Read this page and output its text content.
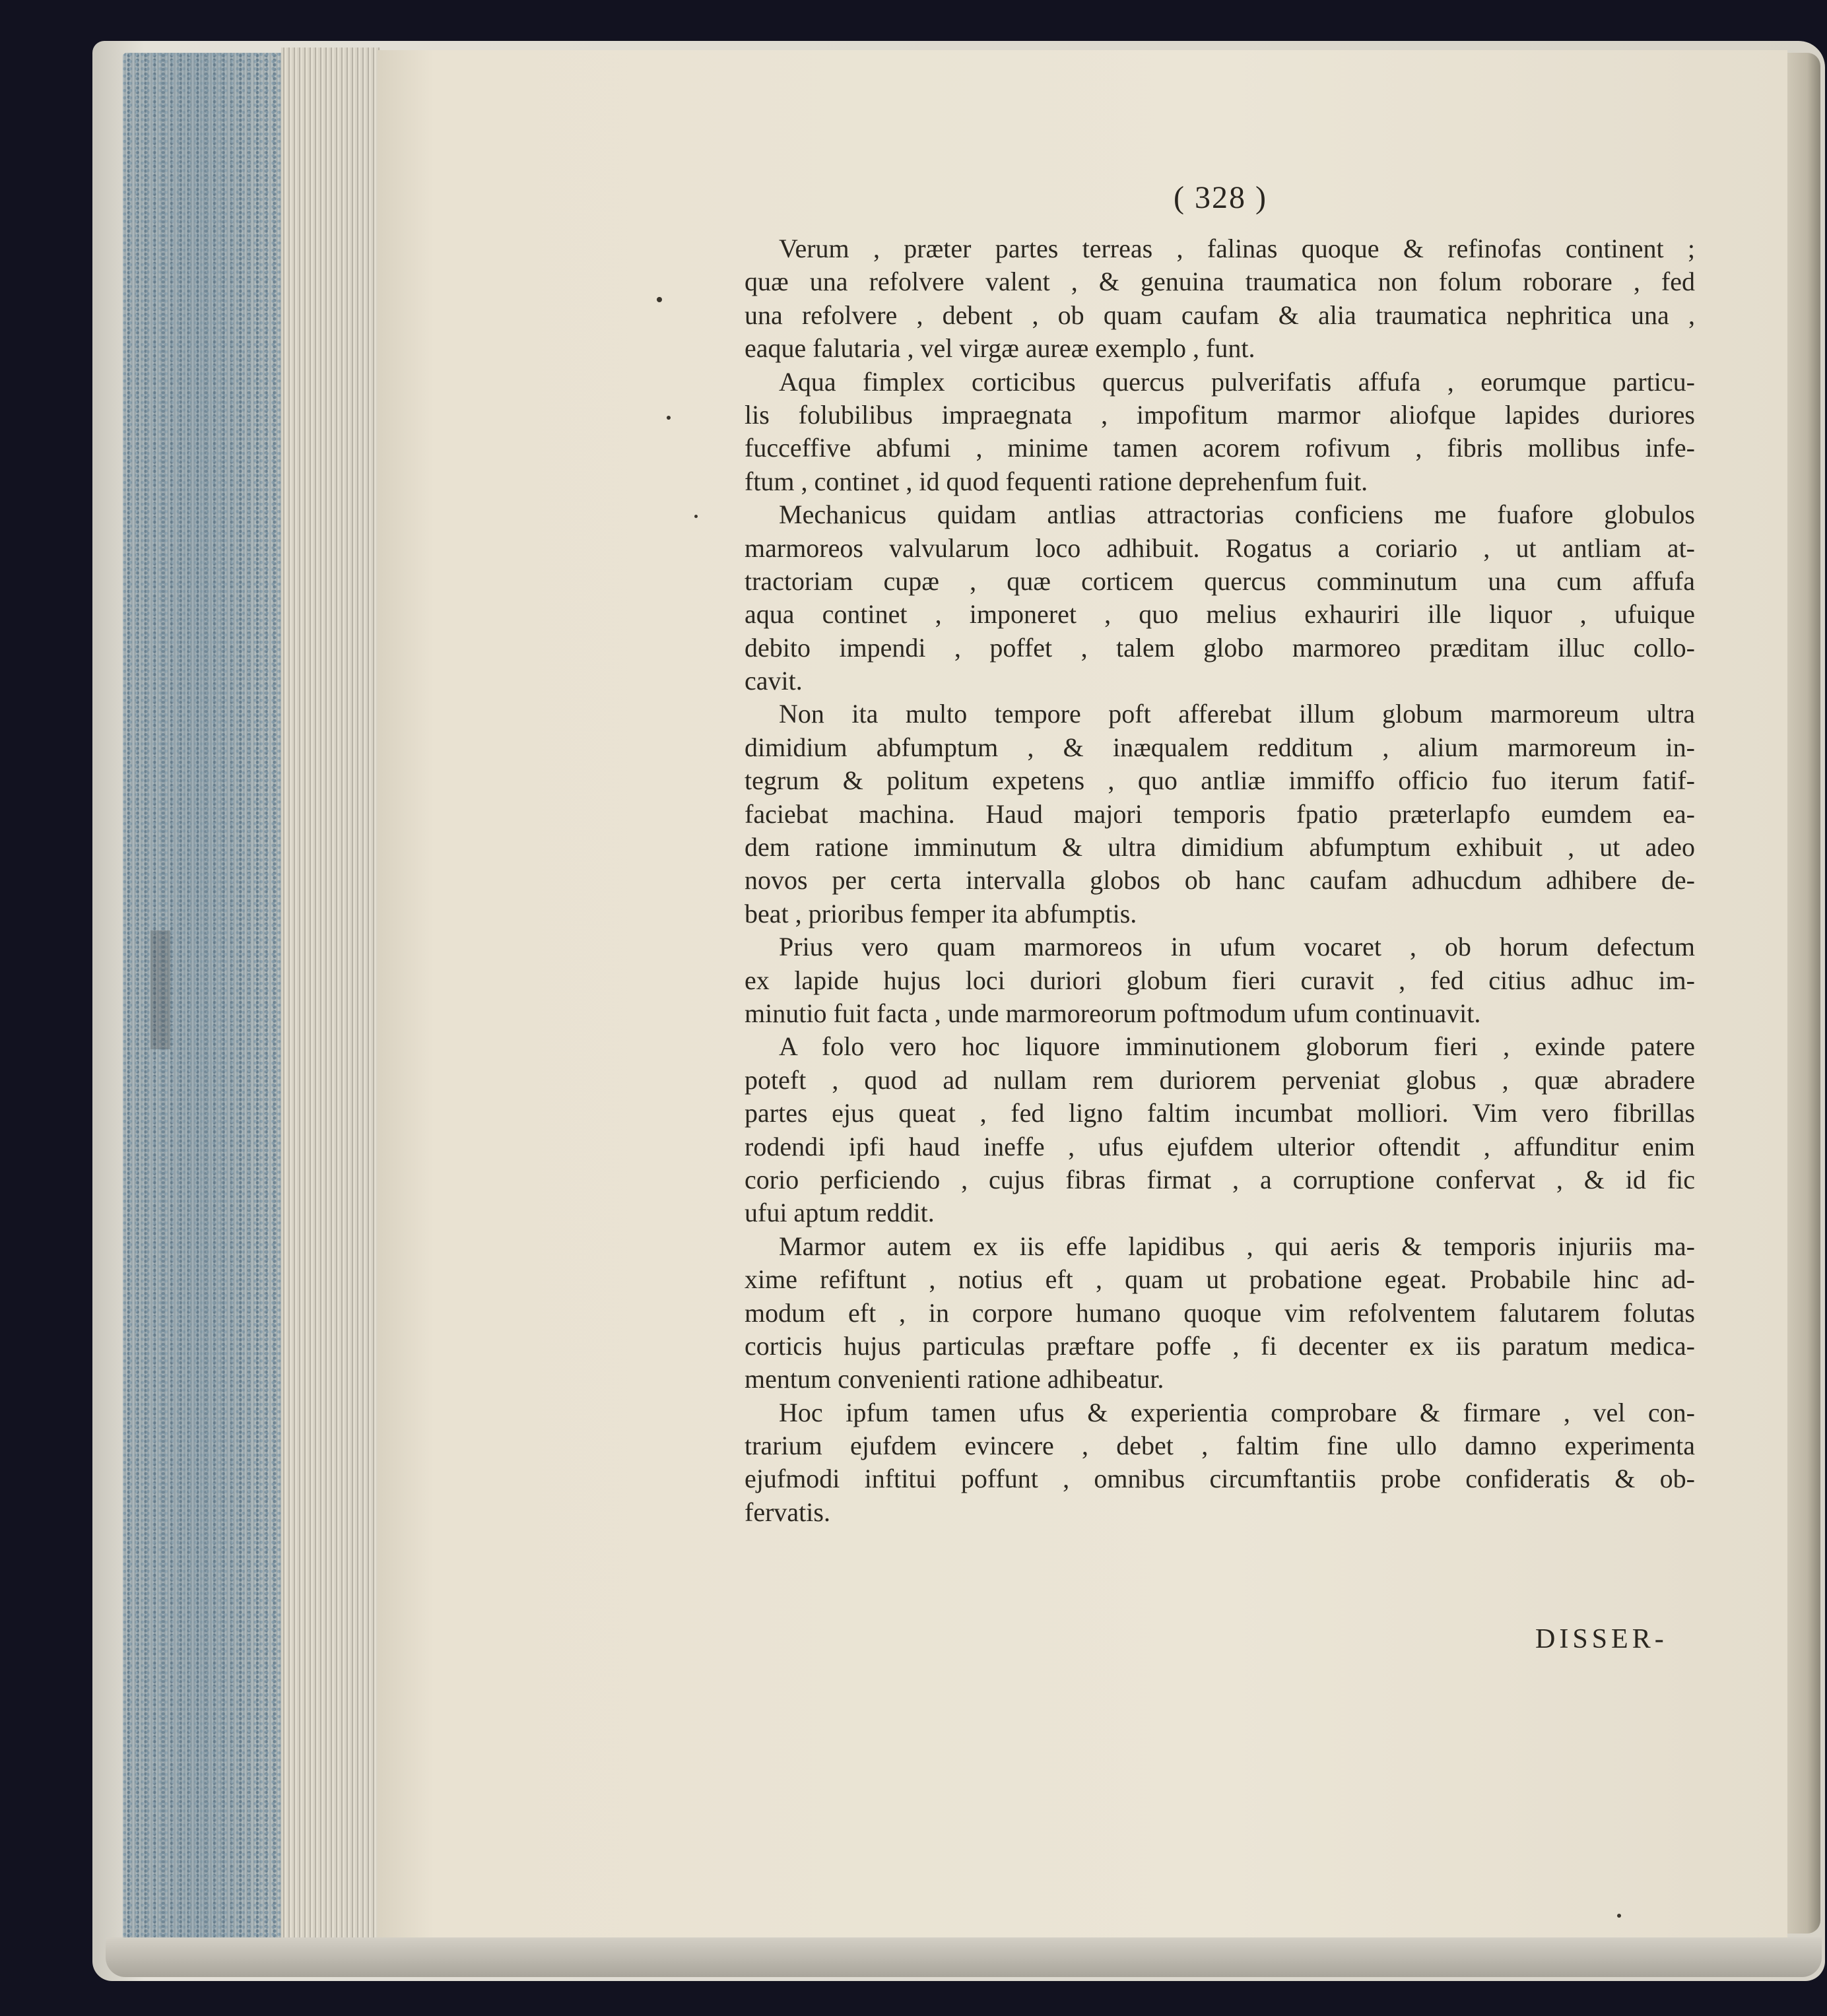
( 328 )
Verum , præter partes terreas , falinas quoque & refinofas continent ;
quæ una refolvere valent , & genuina traumatica non folum roborare , fed
una refolvere , debent , ob quam caufam & alia traumatica nephritica una ,
eaque falutaria , vel virgæ aureæ exemplo , funt.
Aqua fimplex corticibus quercus pulverifatis affufa , eorumque particu-
lis folubilibus impraegnata , impofitum marmor aliofque lapides duriores
fucceffive abfumi , minime tamen acorem rofivum , fibris mollibus infe-
ftum , continet , id quod fequenti ratione deprehenfum fuit.
Mechanicus quidam antlias attractorias conficiens me fuafore globulos
marmoreos valvularum loco adhibuit. Rogatus a coriario , ut antliam at-
tractoriam cupæ , quæ corticem quercus comminutum una cum affufa
aqua continet , imponeret , quo melius exhauriri ille liquor , ufuique
debito impendi , poffet , talem globo marmoreo præditam illuc collo-
cavit.
Non ita multo tempore poft afferebat illum globum marmoreum ultra
dimidium abfumptum , & inæqualem redditum , alium marmoreum in-
tegrum & politum expetens , quo antliæ immiffo officio fuo iterum fatif-
faciebat machina. Haud majori temporis fpatio præterlapfo eumdem ea-
dem ratione imminutum & ultra dimidium abfumptum exhibuit , ut adeo
novos per certa intervalla globos ob hanc caufam adhucdum adhibere de-
beat , prioribus femper ita abfumptis.
Prius vero quam marmoreos in ufum vocaret , ob horum defectum
ex lapide hujus loci duriori globum fieri curavit , fed citius adhuc im-
minutio fuit facta , unde marmoreorum poftmodum ufum continuavit.
A folo vero hoc liquore imminutionem globorum fieri , exinde patere
poteft , quod ad nullam rem duriorem perveniat globus , quæ abradere
partes ejus queat , fed ligno faltim incumbat molliori. Vim vero fibrillas
rodendi ipfi haud ineffe , ufus ejufdem ulterior oftendit , affunditur enim
corio perficiendo , cujus fibras firmat , a corruptione confervat , & id fic
ufui aptum reddit.
Marmor autem ex iis effe lapidibus , qui aeris & temporis injuriis ma-
xime refiftunt , notius eft , quam ut probatione egeat. Probabile hinc ad-
modum eft , in corpore humano quoque vim refolventem falutarem folutas
corticis hujus particulas præftare poffe , fi decenter ex iis paratum medica-
mentum convenienti ratione adhibeatur.
Hoc ipfum tamen ufus & experientia comprobare & firmare , vel con-
trarium ejufdem evincere , debet , faltim fine ullo damno experimenta
ejufmodi inftitui poffunt , omnibus circumftantiis probe confideratis & ob-
fervatis.
DISSER-
